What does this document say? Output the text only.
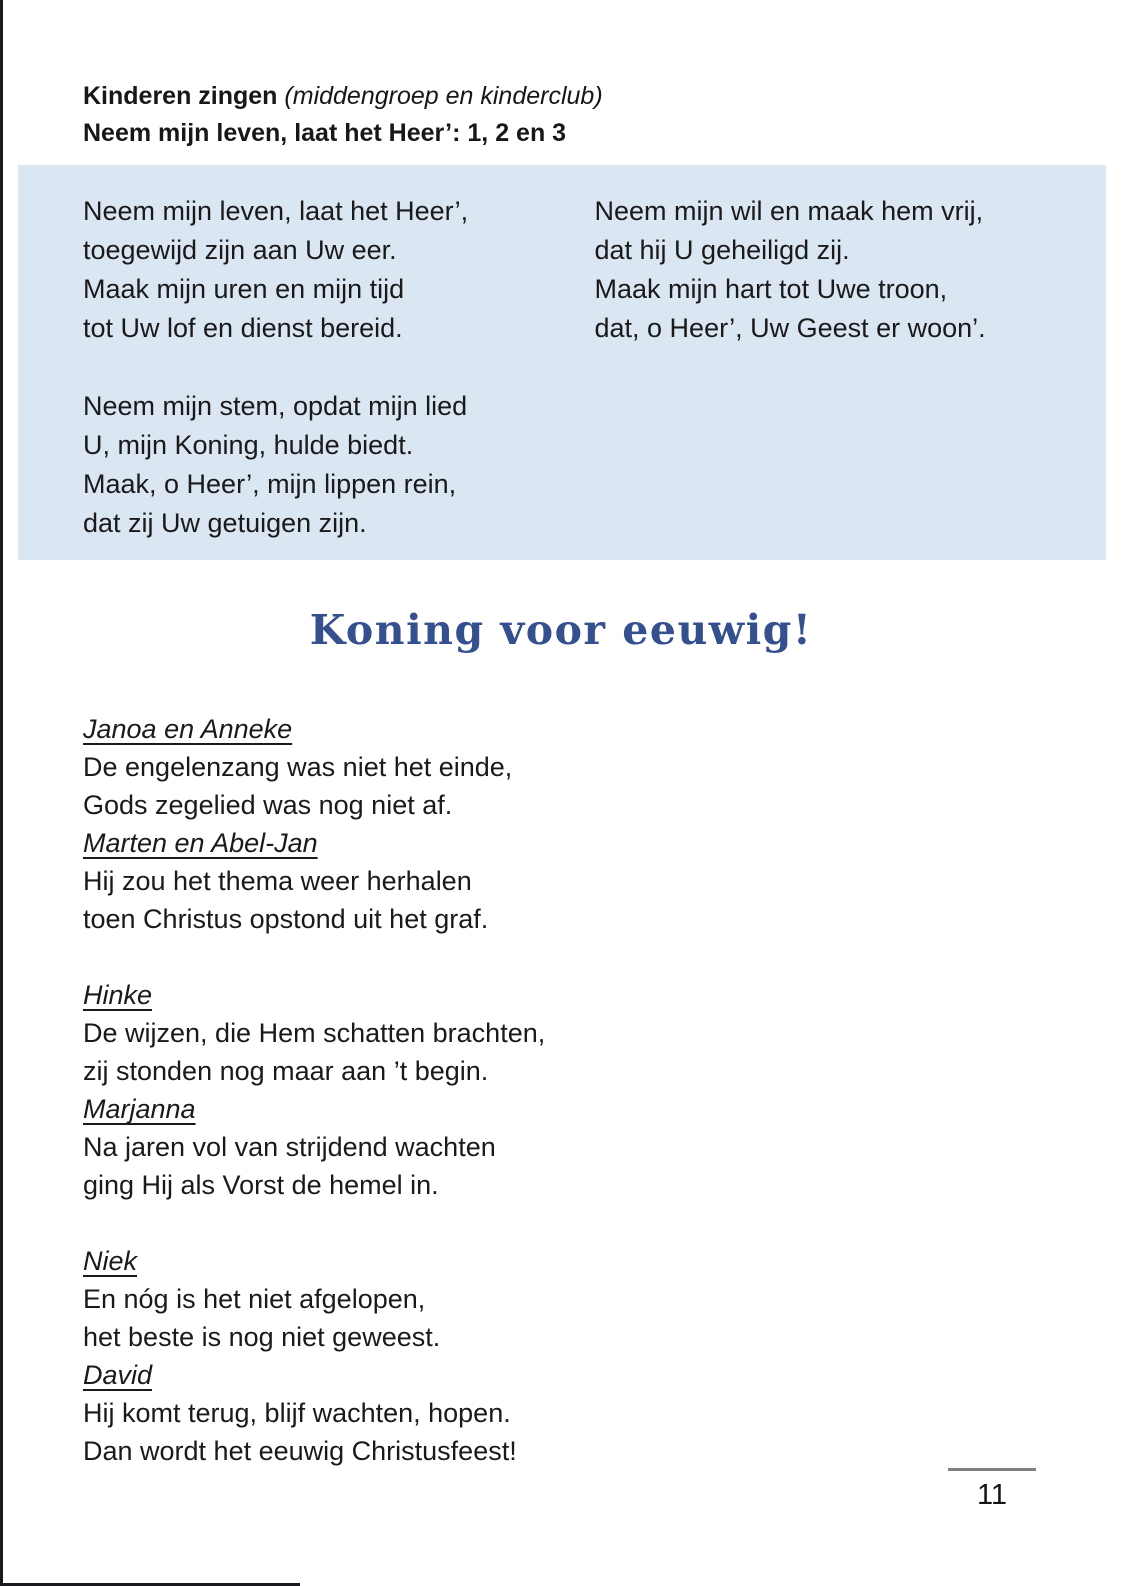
Kinderen zingen (middengroep en kinderclub)
Neem mijn leven, laat het Heer’: 1, 2 en 3
Neem mijn leven, laat het Heer’,
toegewijd zijn aan Uw eer.
Maak mijn uren en mijn tijd
tot Uw lof en dienst bereid.
Neem mijn stem, opdat mijn lied
U, mijn Koning, hulde biedt.
Maak, o Heer’, mijn lippen rein,
dat zij Uw getuigen zijn.
Neem mijn wil en maak hem vrij,
dat hij U geheiligd zij.
Maak mijn hart tot Uwe troon,
dat, o Heer’, Uw Geest er woon’.
Koning voor eeuwig!
Janoa en Anneke
De engelenzang was niet het einde,
Gods zegelied was nog niet af.
Marten en Abel-Jan
Hij zou het thema weer herhalen
toen Christus opstond uit het graf.
Hinke
De wijzen, die Hem schatten brachten,
zij stonden nog maar aan ’t begin.
Marjanna
Na jaren vol van strijdend wachten
ging Hij als Vorst de hemel in.
Niek
En nóg is het niet afgelopen,
het beste is nog niet geweest.
David
Hij komt terug, blijf wachten, hopen.
Dan wordt het eeuwig Christusfeest!
11
